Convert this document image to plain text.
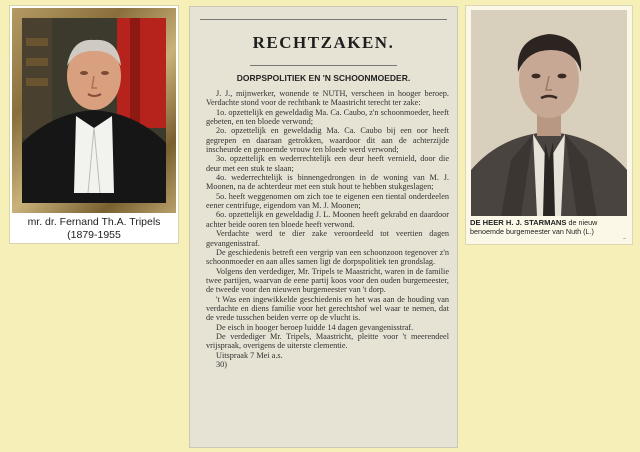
mr. dr. Fernand Th.A. Tripels
(1879-1955
RECHTZAKEN.
DORPSPOLITIEK EN 'N SCHOONMOEDER.

J. J., mijnwerker, wonende te NUTH, verscheen in hooger beroep. Verdachte stond voor de rechtbank te Maastricht terecht ter zake:

1o. opzettelijk en geweldadig Ma. Ca. Caubo, z'n schoonmoeder, heeft gebeten, en ten bloede verwond;

2o. opzettelijk en geweldadig Ma. Ca. Caubo bij een oor heeft gegrepen en daaraan getrokken, waardoor dit aan de achterzijde inscheurde en genoemde vrouw ten bloede werd verwond;

3o. opzettelijk en wederrechtelijk een deur heeft vernield, door die deur met een stuk te slaan;

4o. wederrechtelijk is binnengedrongen in de woning van M. J. Moonen, na de achterdeur met een stuk hout te hebben stukgeslagen;

5o. heeft weggenomen om zich toe te eigenen een tiental onderdeelen eener centrifuge, eigendom van M. J. Moonen;

6o. opzettelijk en geweldadig J. L. Moonen heeft gekrabd en daardoor achter beide ooren ten bloede heeft verwond.

Verdachte werd te dier zake veroordeeld tot veertien dagen gevangenisstraf.

De geschiedenis betreft een vergrip van een schoonzoon tegenover z'n schoonmoeder en aan alles samen ligt de dorpspolitiek ten grondslag.

Volgens den verdediger, Mr. Tripels te Maastricht, waren in de familie twee partijen, waarvan de eene partij koos voor den ouden burgemeester, de tweede voor den nieuwen burgemeester van 't dorp.

't Was een ingewikkelde geschiedenis en het was aan de houding van verdachte en diens familie voor het gerechtshof wel waar te nemen, dat de vrede tusschen beiden verre op de vlucht is.

De eisch in hooger beroep luidde 14 dagen gevangenisstraf.

De verdediger Mr. Tripels, Maastricht, pleitte voor 't meerendeel vrijspraak, overigens de uiterste clementie.

Uitspraak 7 Mei a.s.

30)

DE HEER H. J. STARMANS de nieuw benoemde burgemeester van Nuth (L.)
~
